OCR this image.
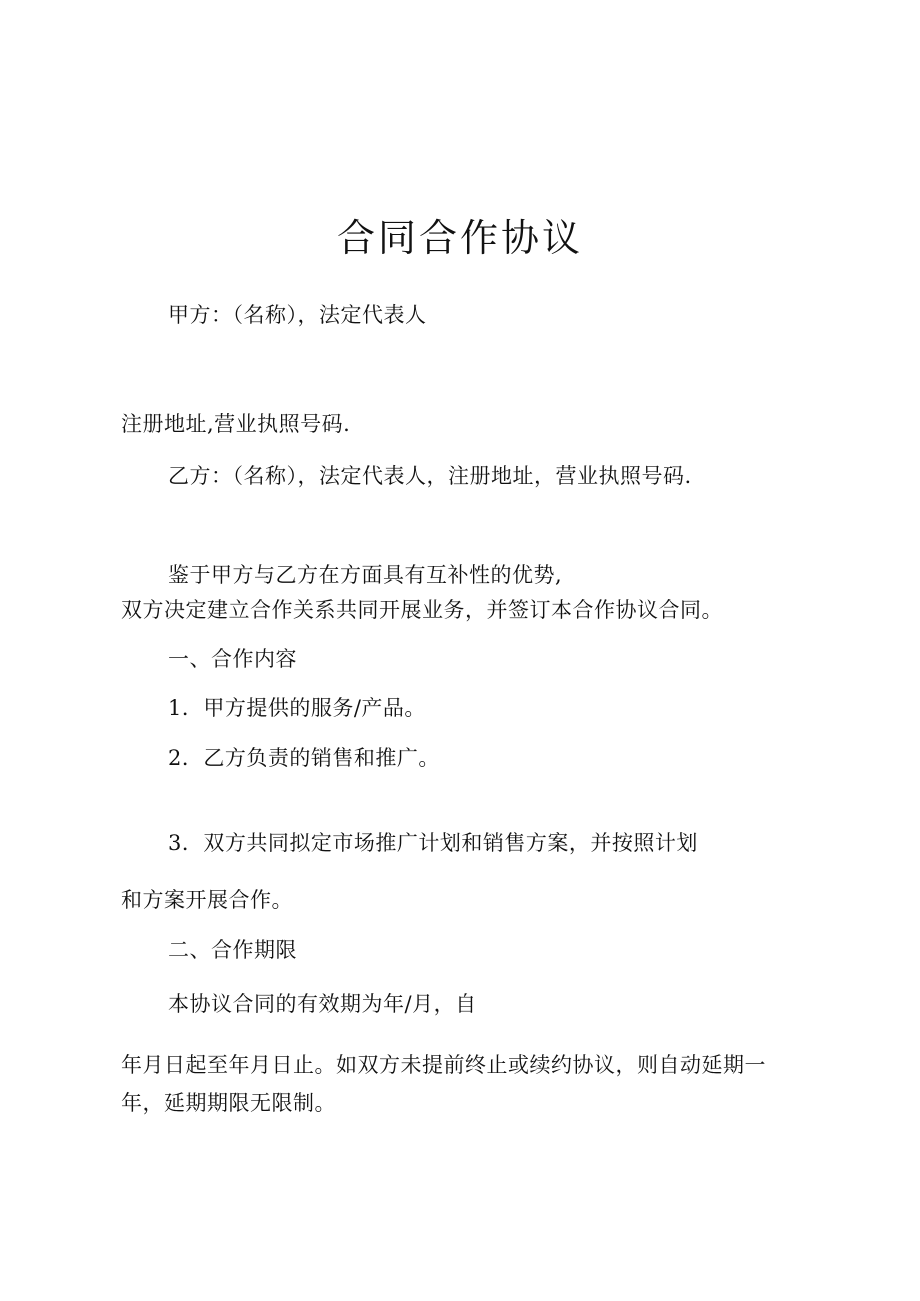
合同合作协议
甲方：（名称），法定代表人
注册地址,营业执照号码.
乙方：（名称），法定代表人，注册地址，营业执照号码.
鉴于甲方与乙方在方面具有互补性的优势,
双方决定建立合作关系共同开展业务，并签订本合作协议合同。
一、合作内容
1．甲方提供的服务/产品。
2．乙方负责的销售和推广。
3．双方共同拟定市场推广计划和销售方案，并按照计划
和方案开展合作。
二、合作期限
本协议合同的有效期为年/月，自
年月日起至年月日止。如双方未提前终止或续约协议，则自动延期一
年，延期期限无限制。
